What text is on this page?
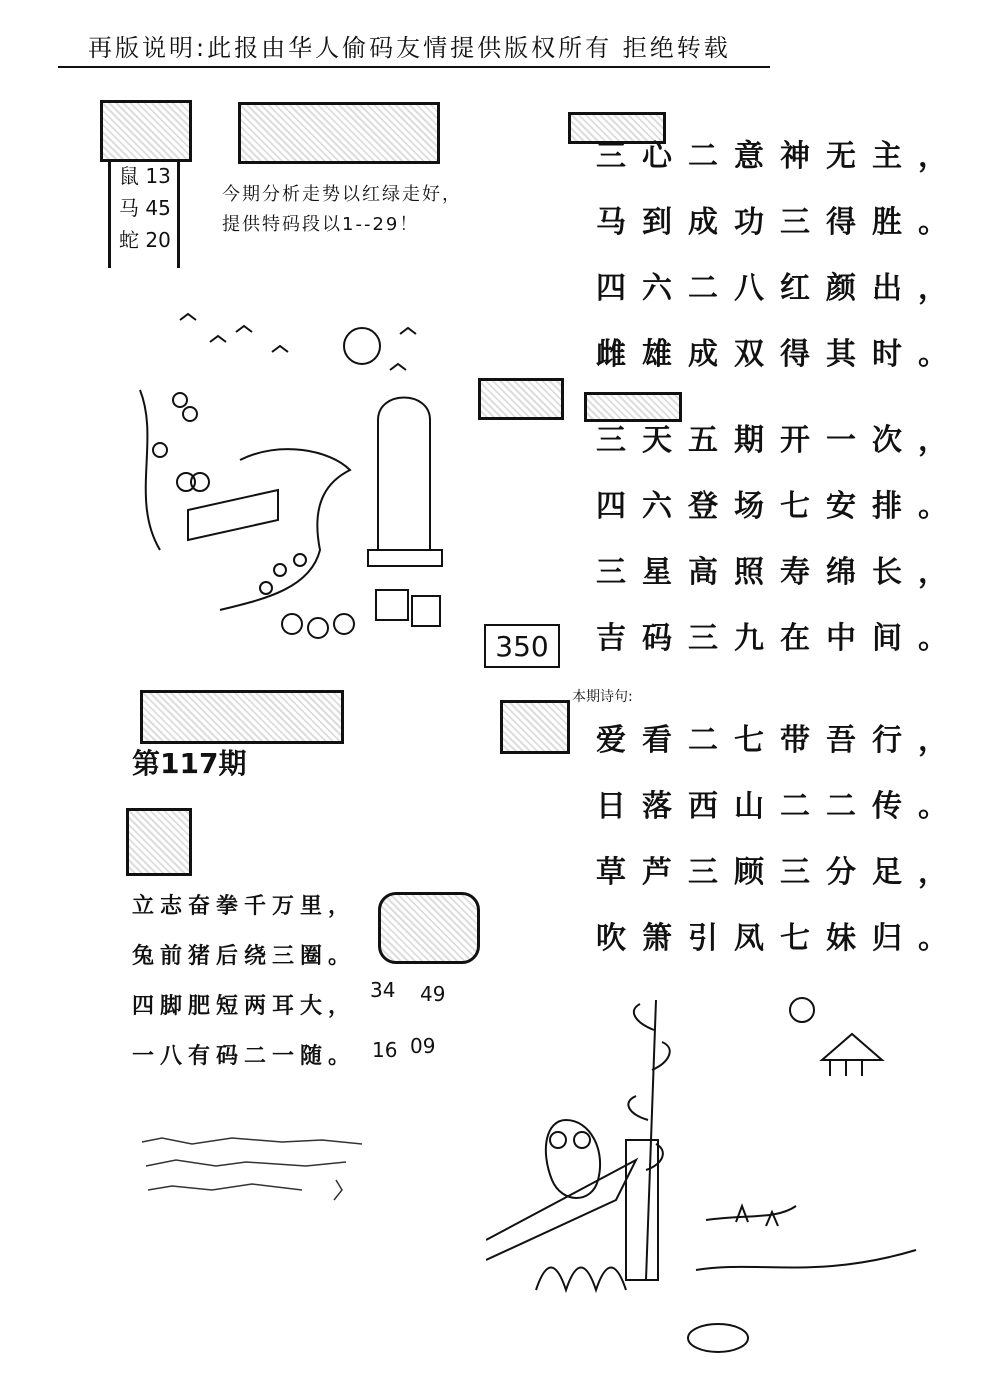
再版说明:此报由华人偷码友情提供版权所有 拒绝转载
鼠 13
马 45
蛇 20
今期分析走势以红绿走好，提供特码段以1--29！
三心二意神无主，
马到成功三得胜。
四六二八红颜出，
雌雄成双得其时。
三天五期开一次，
四六登场七安排。
三星高照寿绵长，
吉码三九在中间。
350
第117期
本期诗句:
爱看二七带吾行，
日落西山二二传。
草芦三顾三分足，
吹箫引凤七妹归。
立志奋拳千万里，
兔前猪后绕三圈。
四脚肥短两耳大，
一八有码二一随。
34 49
16 09
